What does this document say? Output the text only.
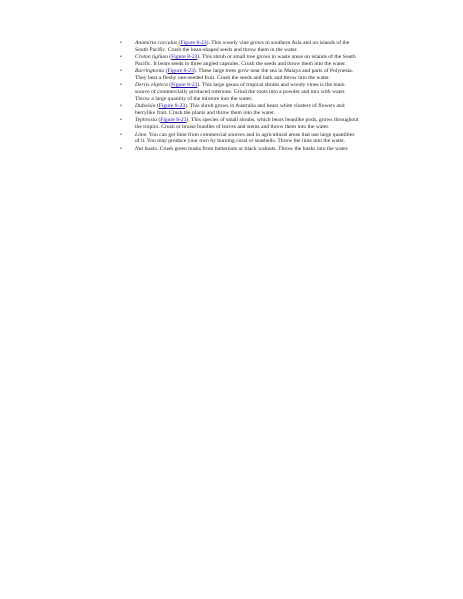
• Anamirta cocculus (Figure 8-23). This woody vine grows in southern Asia and on islands of the South Pacific. Crush the bean-shaped seeds and throw them in the water.
• Croton tiglium (Figure 8-23). This shrub or small tree grows in waste areas on islands of the South Pacific. It bears seeds in three angled capsules. Crush the seeds and throw them into the water.
• Barringtonia (Figure 8-23). These large trees grow near the sea in Malaya and parts of Polynesia. They bear a fleshy one-seeded fruit. Crush the seeds and bark and throw into the water.
• Derris eliptica (Figure 8-23). This large genus of tropical shrubs and woody vines is the main source of commercially produced rotenone. Grind the roots into a powder and mix with water. Throw a large quantity of the mixture into the water.
• Duboisia (Figure 8-23). This shrub grows in Australia and bears white clusters of flowers and berrylike fruit. Crush the plants and throw them into the water.
• Tephrosia (Figure 8-23). This species of small shrubs, which bears beanlike pods, grows throughout the tropics. Crush or bruise bundles of leaves and stems and throw them into the water.
• Lime. You can get lime from commercial sources and in agricultural areas that use large quantities of it. You may produce your own by burning coral or seashells. Throw the lime into the water.
• Nut husks. Crush green husks from butternuts or black walnuts. Throw the husks into the water.
